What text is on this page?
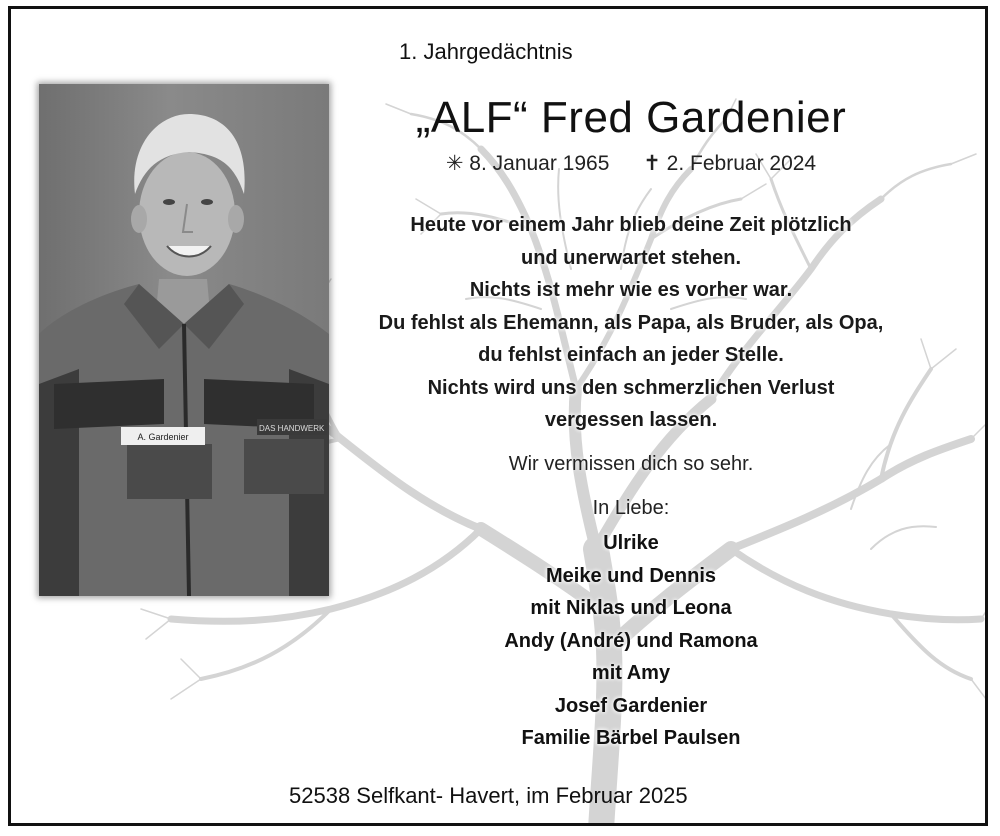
1. Jahrgedächtnis
A. Gardenier
DAS HANDWERK
„ALF“ Fred Gardenier
✳ 8. Januar 1965 ✝ 2. Februar 2024
Heute vor einem Jahr blieb deine Zeit plötzlich
und unerwartet stehen.
Nichts ist mehr wie es vorher war.
Du fehlst als Ehemann, als Papa, als Bruder, als Opa,
du fehlst einfach an jeder Stelle.
Nichts wird uns den schmerzlichen Verlust
vergessen lassen.
Wir vermissen dich so sehr.
In Liebe:
Ulrike
Meike und Dennis
mit Niklas und Leona
Andy (André) und Ramona
mit Amy
Josef Gardenier
Familie Bärbel Paulsen
52538 Selfkant- Havert, im Februar 2025
